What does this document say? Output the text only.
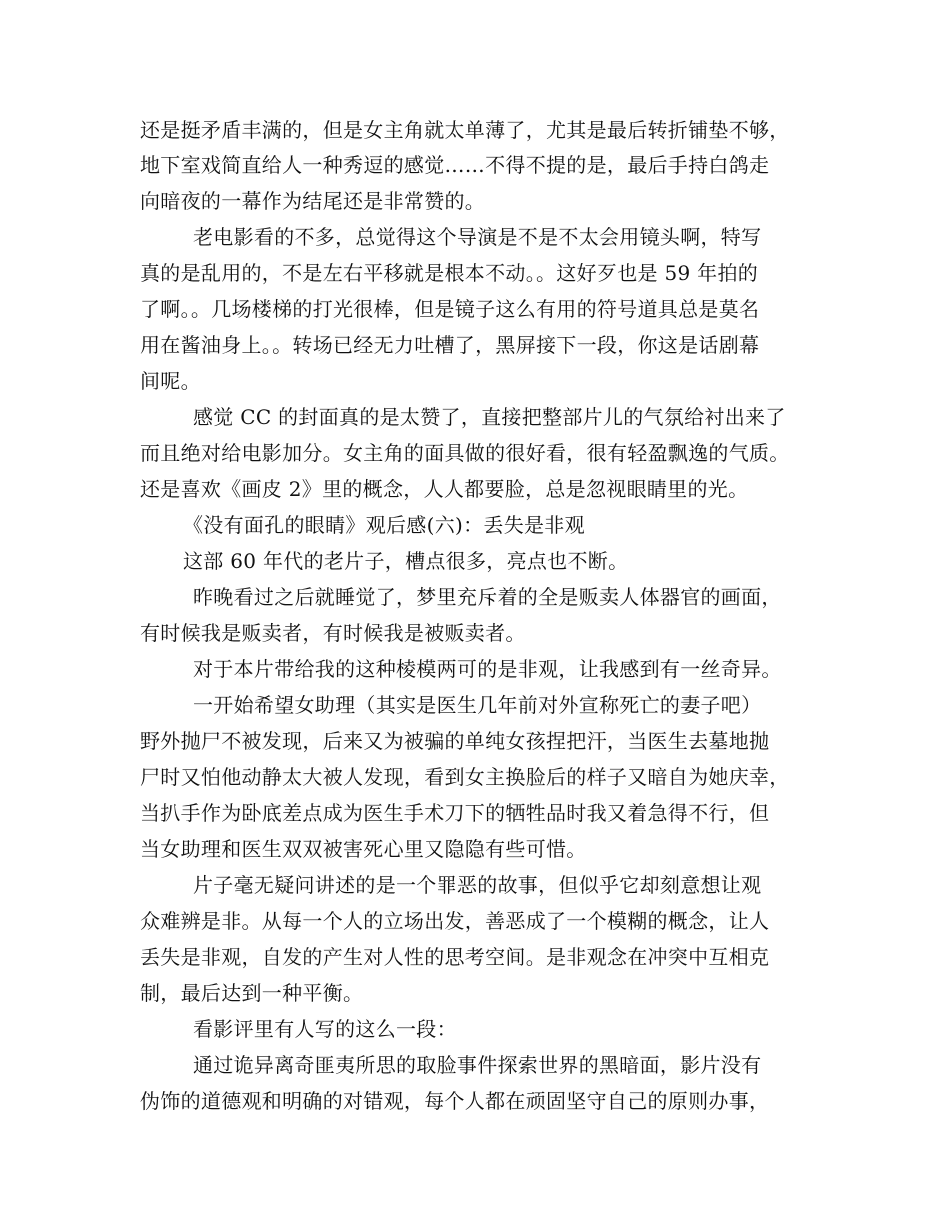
还是挺矛盾丰满的，但是女主角就太单薄了，尤其是最后转折铺垫不够，
地下室戏简直给人一种秀逗的感觉……不得不提的是，最后手持白鸽走
向暗夜的一幕作为结尾还是非常赞的。
老电影看的不多，总觉得这个导演是不是不太会用镜头啊，特写
真的是乱用的，不是左右平移就是根本不动。。这好歹也是 59 年拍的
了啊。。几场楼梯的打光很棒，但是镜子这么有用的符号道具总是莫名
用在酱油身上。。转场已经无力吐槽了，黑屏接下一段，你这是话剧幕
间呢。
感觉 CC 的封面真的是太赞了，直接把整部片儿的气氛给衬出来了
而且绝对给电影加分。女主角的面具做的很好看，很有轻盈飘逸的气质。
还是喜欢《画皮 2》里的概念，人人都要脸，总是忽视眼睛里的光。
《没有面孔的眼睛》观后感(六)：丢失是非观
这部 60 年代的老片子，槽点很多，亮点也不断。
昨晚看过之后就睡觉了，梦里充斥着的全是贩卖人体器官的画面，
有时候我是贩卖者，有时候我是被贩卖者。
对于本片带给我的这种棱模两可的是非观，让我感到有一丝奇异。
一开始希望女助理（其实是医生几年前对外宣称死亡的妻子吧）
野外抛尸不被发现，后来又为被骗的单纯女孩捏把汗，当医生去墓地抛
尸时又怕他动静太大被人发现，看到女主换脸后的样子又暗自为她庆幸，
当扒手作为卧底差点成为医生手术刀下的牺牲品时我又着急得不行，但
当女助理和医生双双被害死心里又隐隐有些可惜。
片子毫无疑问讲述的是一个罪恶的故事，但似乎它却刻意想让观
众难辨是非。从每一个人的立场出发，善恶成了一个模糊的概念，让人
丢失是非观，自发的产生对人性的思考空间。是非观念在冲突中互相克
制，最后达到一种平衡。
看影评里有人写的这么一段：
通过诡异离奇匪夷所思的取脸事件探索世界的黑暗面，影片没有
伪饰的道德观和明确的对错观，每个人都在顽固坚守自己的原则办事，
